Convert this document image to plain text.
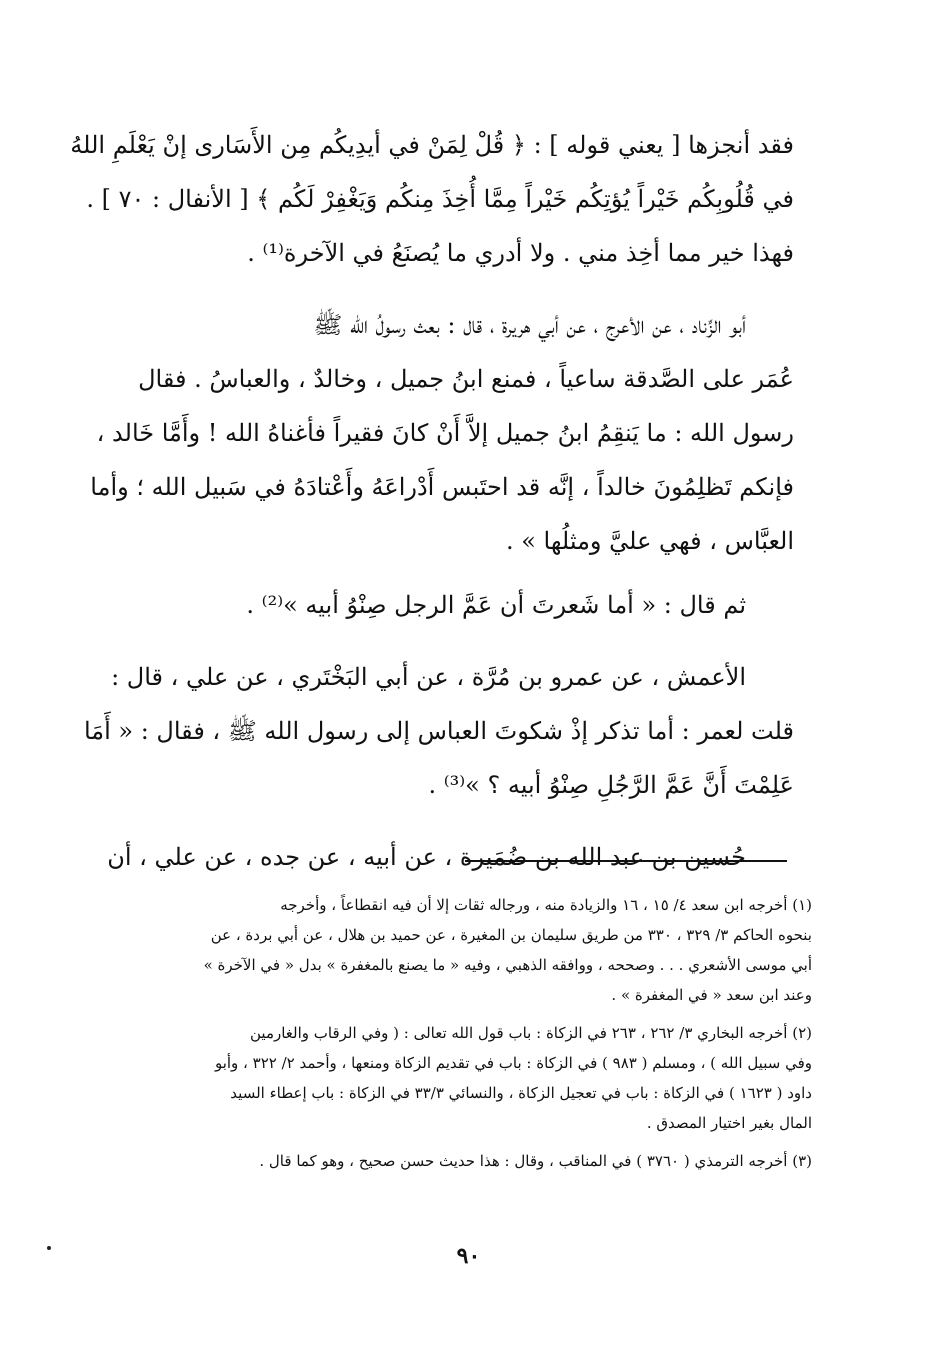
فقد أنجزها [ يعني قوله ] : ﴿ قُلْ لِمَنْ في أيدِيكُم مِن الأَسَارى إنْ يَعْلَمِ اللهُ
في قُلُوبِكُم خَيْراً يُؤتِكُم خَيْراً مِمَّا أُخِذَ مِنكُم وَيَغْفِرْ لَكُم ﴾ [ الأنفال : ٧٠ ] .
فهذا خير مما أخِذ مني . ولا أدري ما يُصنَعُ في الآخرة⁽¹⁾ .
أبو الزِّناد ، عن الأعرج ، عن أبي هريرة ، قال : بعث رسولُ الله ﷺ
عُمَر على الصَّدقة ساعياً ، فمنع ابنُ جميل ، وخالدٌ ، والعباسُ . فقال
رسول الله : ما يَنقِمُ ابنُ جميل إلاَّ أَنْ كانَ فقيراً فأغناهُ الله ! وأَمَّا خَالد ،
فإنكم تَظلِمُونَ خالداً ، إنَّه قد احتَبس أَدْراعَهُ وأَعْتادَهُ في سَبيل الله ؛ وأما
العبَّاس ، فهي عليَّ ومثلُها » .
ثم قال : « أما شَعرتَ أن عَمَّ الرجل صِنْوُ أبيه »⁽²⁾ .
الأعمش ، عن عمرو بن مُرَّة ، عن أبي البَخْتَري ، عن علي ، قال :
قلت لعمر : أما تذكر إذْ شكوتَ العباس إلى رسول الله ﷺ ، فقال : « أَمَا
عَلِمْتَ أَنَّ عَمَّ الرَّجُلِ صِنْوُ أبيه ؟ »⁽³⁾ .
حُسين بن عبد الله بن ضُمَيرة ، عن أبيه ، عن جده ، عن علي ، أن
(١) أخرجه ابن سعد ٤/ ١٥ ، ١٦ والزيادة منه ، ورجاله ثقات إلا أن فيه انقطاعاً ، وأخرجه
بنحوه الحاكم ٣/ ٣٢٩ ، ٣٣٠ من طريق سليمان بن المغيرة ، عن حميد بن هلال ، عن أبي بردة ، عن
أبي موسى الأشعري . . . وصححه ، ووافقه الذهبي ، وفيه « ما يصنع بالمغفرة » بدل « في الآخرة »
وعند ابن سعد « في المغفرة » .
(٢) أخرجه البخاري ٣/ ٢٦٢ ، ٢٦٣ في الزكاة : باب قول الله تعالى : ( وفي الرقاب والغارمين
وفي سبيل الله ) ، ومسلم ( ٩٨٣ ) في الزكاة : باب في تقديم الزكاة ومنعها ، وأحمد ٢/ ٣٢٢ ، وأبو
داود ( ١٦٢٣ ) في الزكاة : باب في تعجيل الزكاة ، والنسائي ٣٣/٣ في الزكاة : باب إعطاء السيد
المال بغير اختيار المصدق .
(٣) أخرجه الترمذي ( ٣٧٦٠ ) في المناقب ، وقال : هذا حديث حسن صحيح ، وهو كما قال .
٩٠
